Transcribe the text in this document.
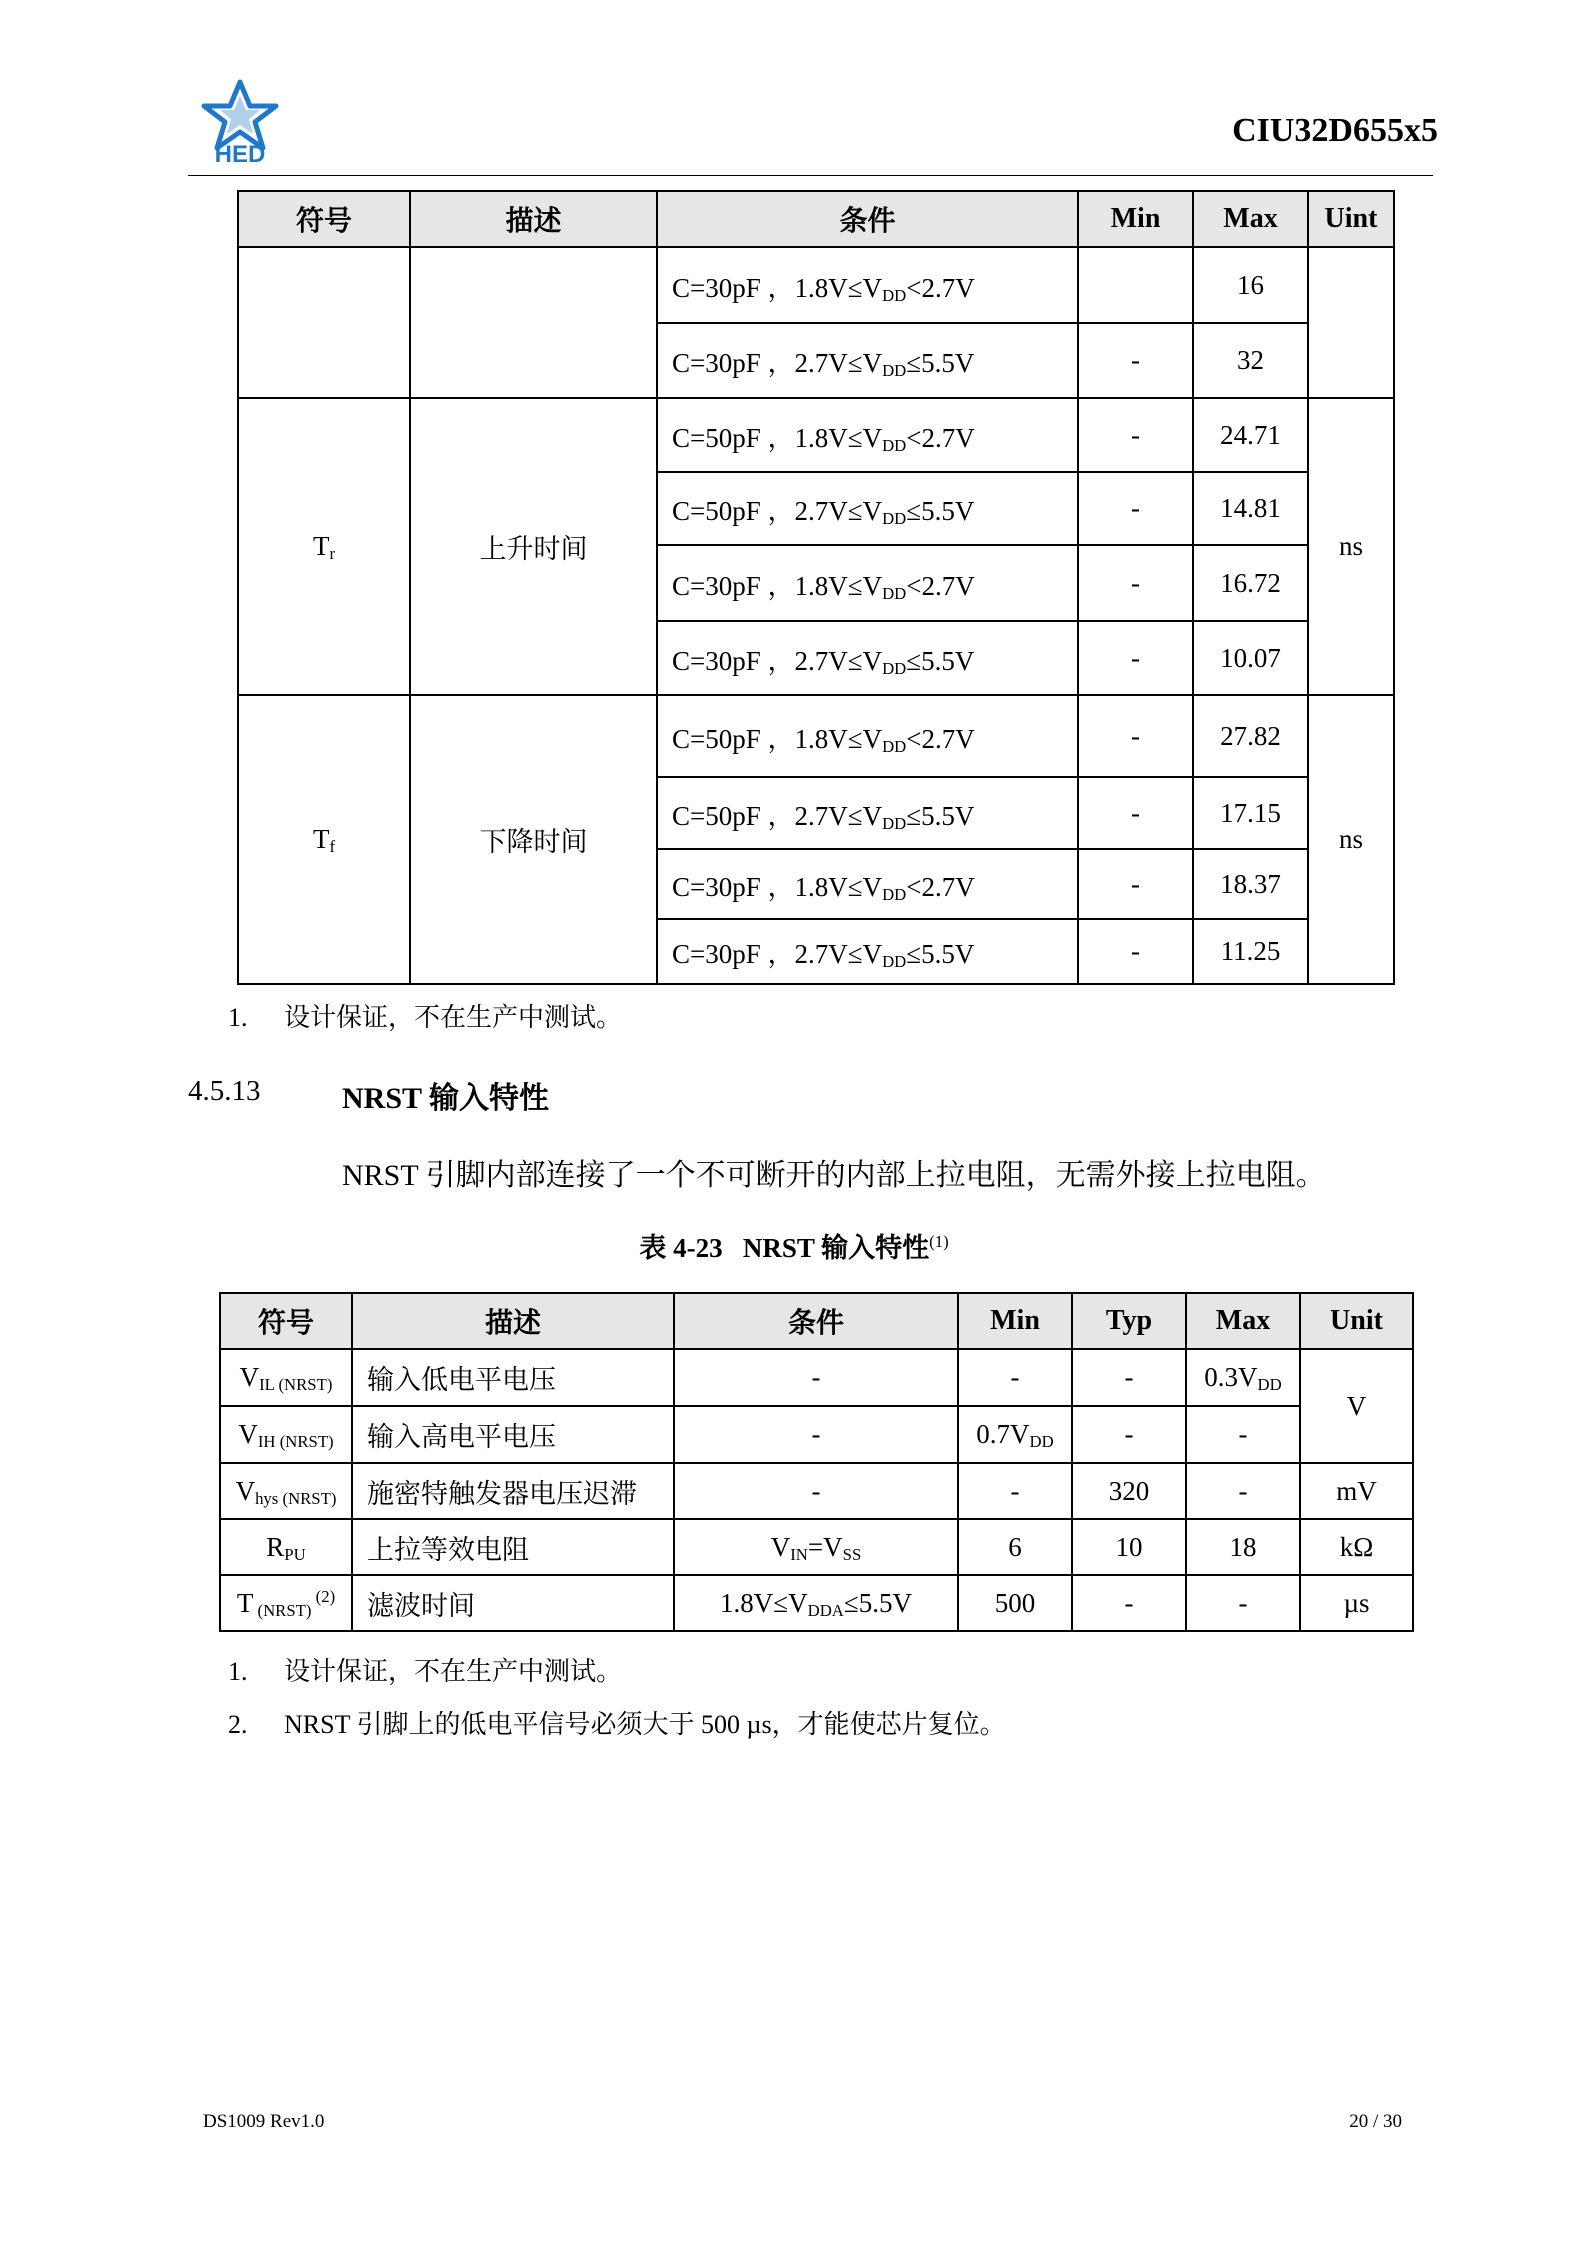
HED
CIU32D655x5
符号	描述	条件	Min	Max	Uint
		C=30pF ，$1.8V\le V_{DD}<2.7V$		16	
		C=30pF ，$2.7V\le V_{DD}\le 5.5V$	-	32	
$T_r$	上升时间	C=50pF ，$1.8V\le V_{DD}<2.7V$	-	24.71	ns
		C=50pF ，$2.7V\le V_{DD}\le 5.5V$	-	14.81	
		C=30pF ，$1.8V\le V_{DD}<2.7V$	-	16.72	
		C=30pF ，$2.7V\le V_{DD}\le 5.5V$	-	10.07	
$T_f$	下降时间	C=50pF ，$1.8V\le V_{DD}<2.7V$	-	27.82	ns
		C=50pF ，$2.7V\le V_{DD}\le 5.5V$	-	17.15	
		C=30pF ，$1.8V\le V_{DD}<2.7V$	-	18.37	
		C=30pF ，$2.7V\le V_{DD}\le 5.5V$	-	11.25	
1. 设计保证，不在生产中测试。
4.5.13	NRST 输入特性
NRST 引脚内部连接了一个不可断开的内部上拉电阻，无需外接上拉电阻。
表 4-23 NRST 输入特性$^{(1)}$
符号	描述	条件	Min	Typ	Max	Unit
$V_{IL (NRST)}$	输入低电平电压	-	-	-	$0.3V_{DD}$	V
$V_{IH (NRST)}$	输入高电平电压	-	$0.7V_{DD}$	-	-	
$V_{hys (NRST)}$	施密特触发器电压迟滞	-	-	320	-	mV
$R_{PU}$	上拉等效电阻	$V_{IN}=V_{SS}$	6	10	18	kΩ
T $_{(NRST)}$ $^{(2)}$	滤波时间	$1.8V\le V_{DDA}\le 5.5V$	500	-	-	µs
1. 设计保证，不在生产中测试。
2. NRST 引脚上的低电平信号必须大于 500 µs，才能使芯片复位。
DS1009 Rev1.0	20 / 30
